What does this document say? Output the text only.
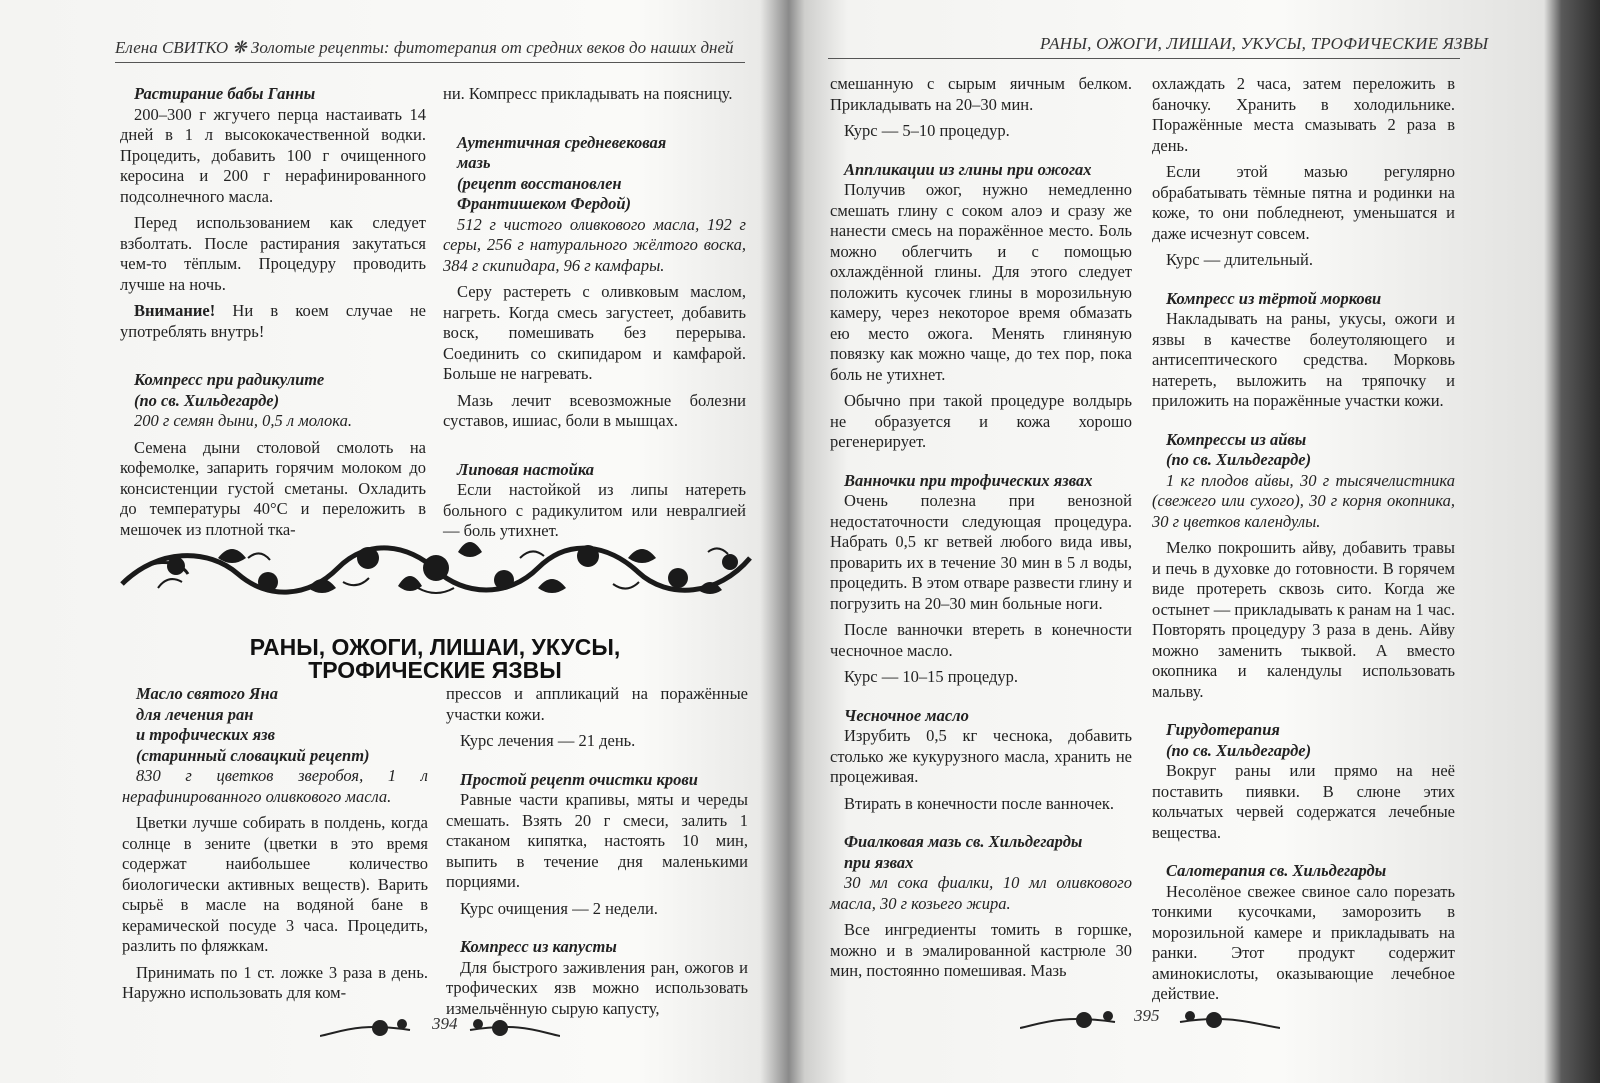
Елена СВИТКО ❋ Золотые рецепты: фитотерапия от средних веков до наших дней
Растирание бабы Ганны

200–300 г жгучего перца настаивать 14 дней в 1 л высококачественной водки. Процедить, добавить 100 г очищенного керосина и 200 г нерафинированного подсолнечного масла.

Перед использованием как следует взболтать. После растирания закутаться чем-то тёплым. Процедуру проводить лучше на ночь.

Внимание! Ни в коем случае не употреблять внутрь!

Компресс при радикулите
(по св. Хильдегарде)

200 г семян дыни, 0,5 л молока.

Семена дыни столовой смолоть на кофемолке, запарить горячим молоком до консистенции густой сметаны. Охладить до температуры 40°С и переложить в мешочек из плотной тка-

ни. Компресс прикладывать на поясницу.

Аутентичная средневековая
мазь
(рецепт восстановлен
Франтишеком Фердой)

512 г чистого оливкового масла, 192 г серы, 256 г натурального жёлтого воска, 384 г скипидара, 96 г камфары.

Серу растереть с оливковым маслом, нагреть. Когда смесь загустеет, добавить воск, помешивать без перерыва. Соединить со скипидаром и камфарой. Больше не нагревать.

Мазь лечит всевозможные болезни суставов, ишиас, боли в мышцах.

Липовая настойка

Если настойкой из липы натереть больного с радикулитом или невралгией — боль утихнет.

РАНЫ, ОЖОГИ, ЛИШАИ, УКУСЫ,
ТРОФИЧЕСКИЕ ЯЗВЫ
Масло святого Яна
для лечения ран
и трофических язв
(старинный словацкий рецепт)

830 г цветков зверобоя, 1 л нерафинированного оливкового масла.

Цветки лучше собирать в полдень, когда солнце в зените (цветки в это время содержат наибольшее количество биологически активных веществ). Варить сырьё в масле на водяной бане в керамической посуде 3 часа. Процедить, разлить по фляжкам.

Принимать по 1 ст. ложке 3 раза в день. Наружно использовать для ком-

прессов и аппликаций на поражённые участки кожи.

Курс лечения — 21 день.

Простой рецепт очистки крови

Равные части крапивы, мяты и череды смешать. Взять 20 г смеси, залить 1 стаканом кипятка, настоять 10 мин, выпить в течение дня маленькими порциями.

Курс очищения — 2 недели.

Компресс из капусты

Для быстрого заживления ран, ожогов и трофических язв можно использовать измельчённую сырую капусту,

394
РАНЫ, ОЖОГИ, ЛИШАИ, УКУСЫ, ТРОФИЧЕСКИЕ ЯЗВЫ

смешанную с сырым яичным белком. Прикладывать на 20–30 мин.

Курс — 5–10 процедур.

Аппликации из глины при ожогах

Получив ожог, нужно немедленно смешать глину с соком алоэ и сразу же нанести смесь на поражённое место. Боль можно облегчить и с помощью охлаждённой глины. Для этого следует положить кусочек глины в морозильную камеру, через некоторое время обмазать ею место ожога. Менять глиняную повязку как можно чаще, до тех пор, пока боль не утихнет.

Обычно при такой процедуре волдырь не образуется и кожа хорошо регенерирует.

Ванночки при трофических язвах

Очень полезна при венозной недостаточности следующая процедура. Набрать 0,5 кг ветвей любого вида ивы, проварить их в течение 30 мин в 5 л воды, процедить. В этом отваре развести глину и погрузить на 20–30 мин больные ноги.

После ванночки втереть в конечности чесночное масло.

Курс — 10–15 процедур.

Чесночное масло

Изрубить 0,5 кг чеснока, добавить столько же кукурузного масла, хранить не процеживая.

Втирать в конечности после ванночек.

Фиалковая мазь св. Хильдегарды
при язвах

30 мл сока фиалки, 10 мл оливкового масла, 30 г козьего жира.

Все ингредиенты томить в горшке, можно и в эмалированной кастрюле 30 мин, постоянно помешивая. Мазь

охлаждать 2 часа, затем переложить в баночку. Хранить в холодильнике. Поражённые места смазывать 2 раза в день.

Если этой мазью регулярно обрабатывать тёмные пятна и родинки на коже, то они побледнеют, уменьшатся и даже исчезнут совсем.

Курс — длительный.

Компресс из тёртой моркови

Накладывать на раны, укусы, ожоги и язвы в качестве болеутоляющего и антисептического средства. Морковь натереть, выложить на тряпочку и приложить на поражённые участки кожи.

Компрессы из айвы
(по св. Хильдегарде)

1 кг плодов айвы, 30 г тысячелистника (свежего или сухого), 30 г корня окопника, 30 г цветков календулы.

Мелко покрошить айву, добавить травы и печь в духовке до готовности. В горячем виде протереть сквозь сито. Когда же остынет — прикладывать к ранам на 1 час. Повторять процедуру 3 раза в день. Айву можно заменить тыквой. А вместо окопника и календулы использовать мальву.

Гирудотерапия
(по св. Хильдегарде)

Вокруг раны или прямо на неё поставить пиявки. В слюне этих кольчатых червей содержатся лечебные вещества.

Салотерапия св. Хильдегарды

Несолёное свежее свиное сало порезать тонкими кусочками, заморозить в морозильной камере и прикладывать на ранки. Этот продукт содержит аминокислоты, оказывающие лечебное действие.

395
